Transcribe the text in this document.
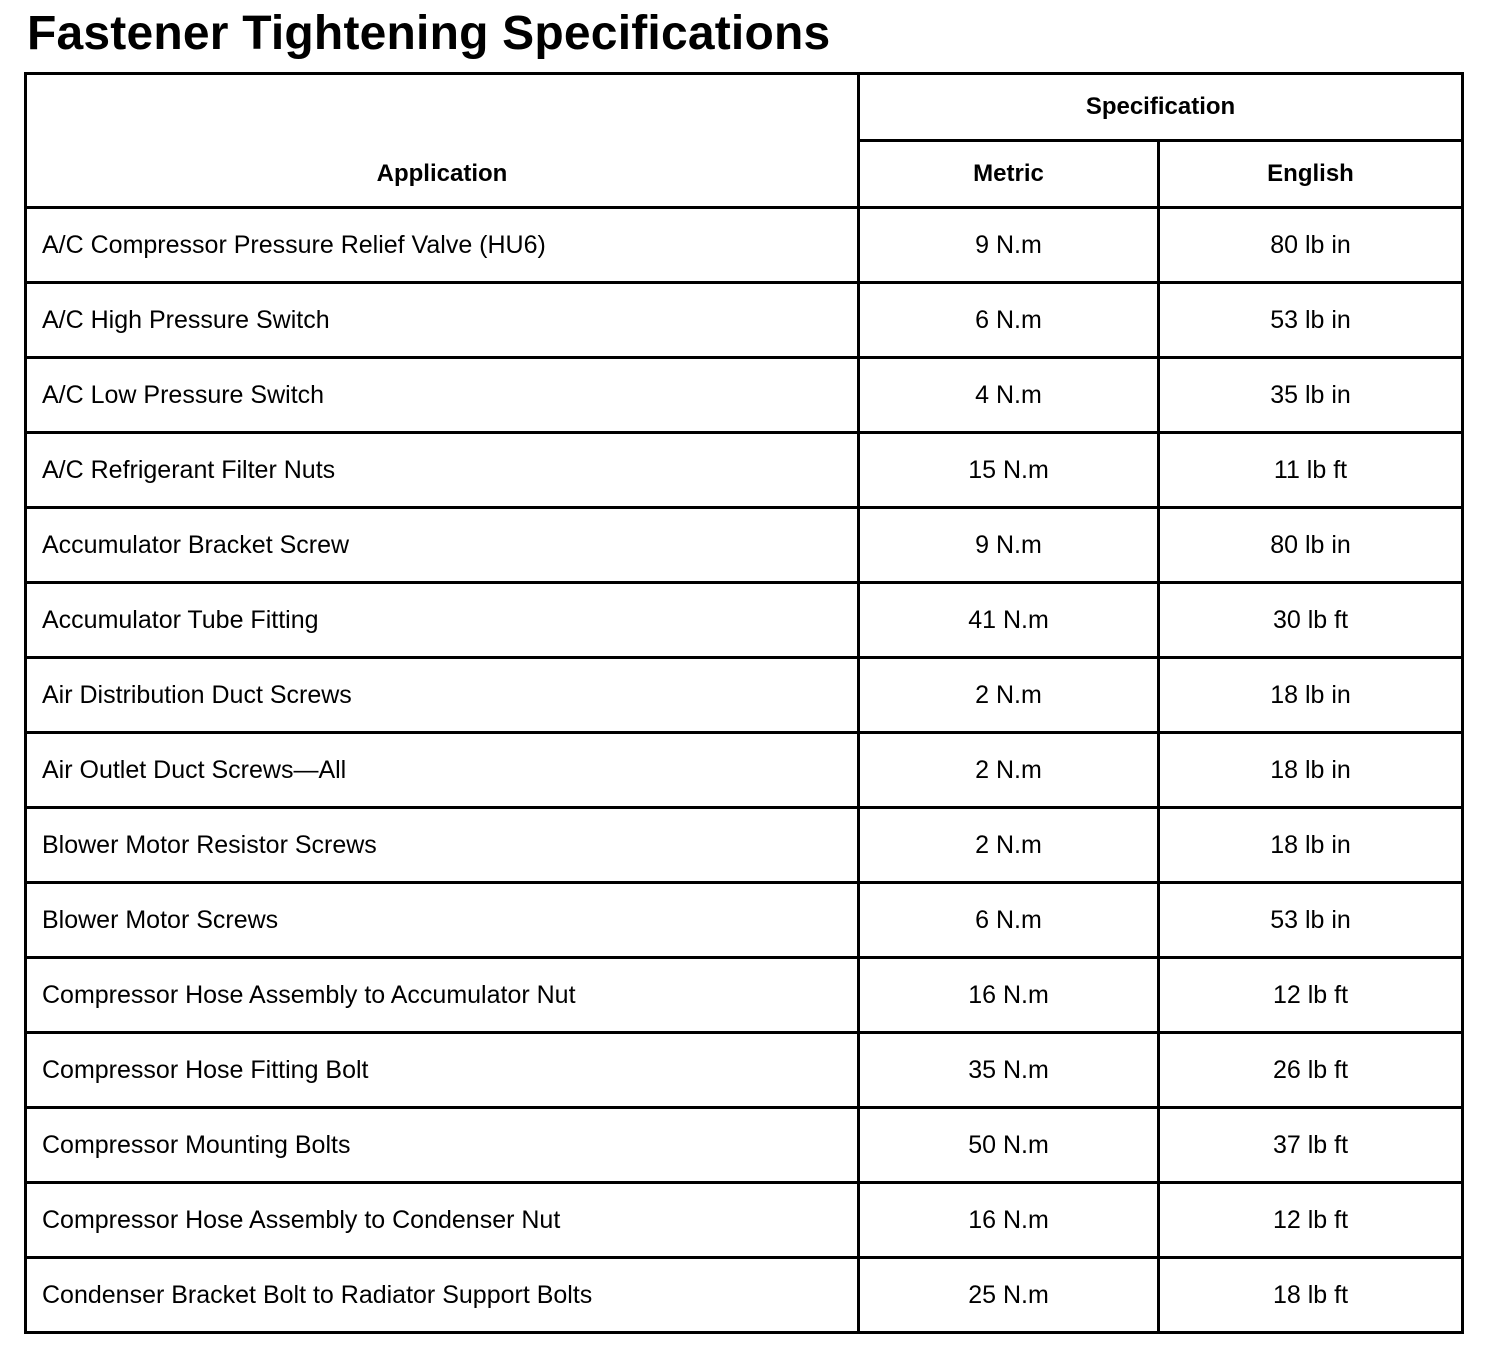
Fastener Tightening Specifications
Application	Specification	
	Metric	English
A/C Compressor Pressure Relief Valve (HU6)	9 N.m	80 lb in
A/C High Pressure Switch	6 N.m	53 lb in
A/C Low Pressure Switch	4 N.m	35 lb in
A/C Refrigerant Filter Nuts	15 N.m	11 lb ft
Accumulator Bracket Screw	9 N.m	80 lb in
Accumulator Tube Fitting	41 N.m	30 lb ft
Air Distribution Duct Screws	2 N.m	18 lb in
Air Outlet Duct Screws—All	2 N.m	18 lb in
Blower Motor Resistor Screws	2 N.m	18 lb in
Blower Motor Screws	6 N.m	53 lb in
Compressor Hose Assembly to Accumulator Nut	16 N.m	12 lb ft
Compressor Hose Fitting Bolt	35 N.m	26 lb ft
Compressor Mounting Bolts	50 N.m	37 lb ft
Compressor Hose Assembly to Condenser Nut	16 N.m	12 lb ft
Condenser Bracket Bolt to Radiator Support Bolts	25 N.m	18 lb ft
